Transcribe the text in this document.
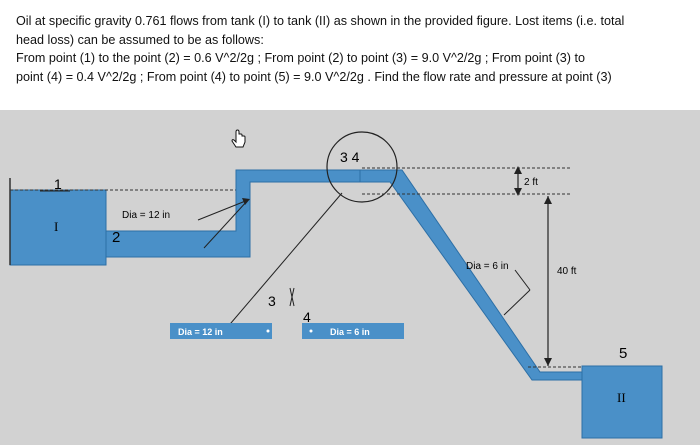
Oil at specific gravity 0.761 flows from tank (I) to tank (II) as shown in the provided figure. Lost items (i.e. total
head loss) can be assumed to be as follows:
From point (1) to the point (2) = 0.6 V^2/2g ; From point (2) to point (3) = 9.0 V^2/2g ; From point (3) to
point (4) = 0.4 V^2/2g ; From point (4) to point (5) = 9.0 V^2/2g . Find the flow rate and pressure at point (3)
1
I
2
Dia = 12 in
3 4
2 ft
40 ft
Dia = 6 in
3
4
Dia = 12 in	Dia = 6 in
5
II
